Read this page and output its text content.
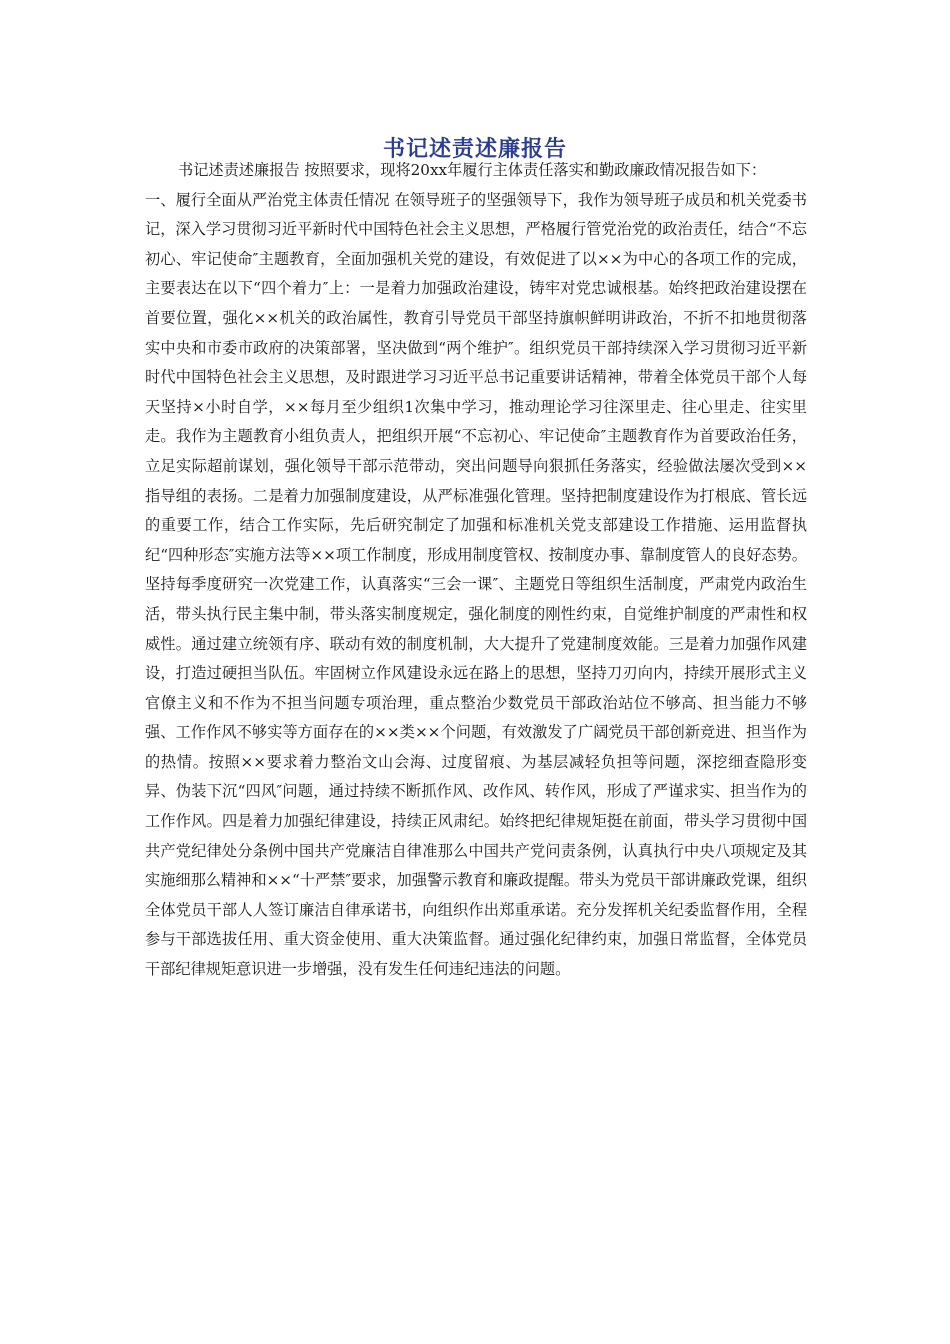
书记述责述廉报告

书记述责述廉报告 按照要求，现将20xx年履行主体责任落实和勤政廉政情况报告如下：

一、履行全面从严治党主体责任情况 在领导班子的坚强领导下，我作为领导班子成员和机关党委书记，深入学习贯彻习近平新时代中国特色社会主义思想，严格履行管党治党的政治责任，结合“不忘初心、牢记使命″主题教育，全面加强机关党的建设，有效促进了以××为中心的各项工作的完成，主要表达在以下“四个着力″上：一是着力加强政治建设，铸牢对党忠诚根基。始终把政治建设摆在首要位置，强化××机关的政治属性，教育引导党员干部坚持旗帜鲜明讲政治，不折不扣地贯彻落实中央和市委市政府的决策部署，坚决做到“两个维护″。组织党员干部持续深入学习贯彻习近平新时代中国特色社会主义思想，及时跟进学习习近平总书记重要讲话精神，带着全体党员干部个人每天坚持×小时自学，××每月至少组织1次集中学习，推动理论学习往深里走、往心里走、往实里走。我作为主题教育小组负责人，把组织开展“不忘初心、牢记使命″主题教育作为首要政治任务，立足实际超前谋划，强化领导干部示范带动，突出问题导向狠抓任务落实，经验做法屡次受到××指导组的表扬。二是着力加强制度建设，从严标准强化管理。坚持把制度建设作为打根底、管长远的重要工作，结合工作实际，先后研究制定了加强和标准机关党支部建设工作措施、运用监督执纪“四种形态″实施方法等××项工作制度，形成用制度管权、按制度办事、靠制度管人的良好态势。坚持每季度研究一次党建工作，认真落实“三会一课″、主题党日等组织生活制度，严肃党内政治生活，带头执行民主集中制，带头落实制度规定，强化制度的刚性约束，自觉维护制度的严肃性和权威性。通过建立统领有序、联动有效的制度机制，大大提升了党建制度效能。三是着力加强作风建设，打造过硬担当队伍。牢固树立作风建设永远在路上的思想，坚持刀刃向内，持续开展形式主义官僚主义和不作为不担当问题专项治理，重点整治少数党员干部政治站位不够高、担当能力不够强、工作作风不够实等方面存在的××类××个问题，有效激发了广阔党员干部创新竞进、担当作为的热情。按照××要求着力整治文山会海、过度留痕、为基层减轻负担等问题，深挖细查隐形变异、伪装下沉“四风″问题，通过持续不断抓作风、改作风、转作风，形成了严谨求实、担当作为的工作作风。四是着力加强纪律建设，持续正风肃纪。始终把纪律规矩挺在前面，带头学习贯彻中国共产党纪律处分条例中国共产党廉洁自律准那么中国共产党问责条例，认真执行中央八项规定及其实施细那么精神和××“十严禁″要求，加强警示教育和廉政提醒。带头为党员干部讲廉政党课，组织全体党员干部人人签订廉洁自律承诺书，向组织作出郑重承诺。充分发挥机关纪委监督作用，全程参与干部选拔任用、重大资金使用、重大决策监督。通过强化纪律约束，加强日常监督，全体党员干部纪律规矩意识进一步增强，没有发生任何违纪违法的问题。
